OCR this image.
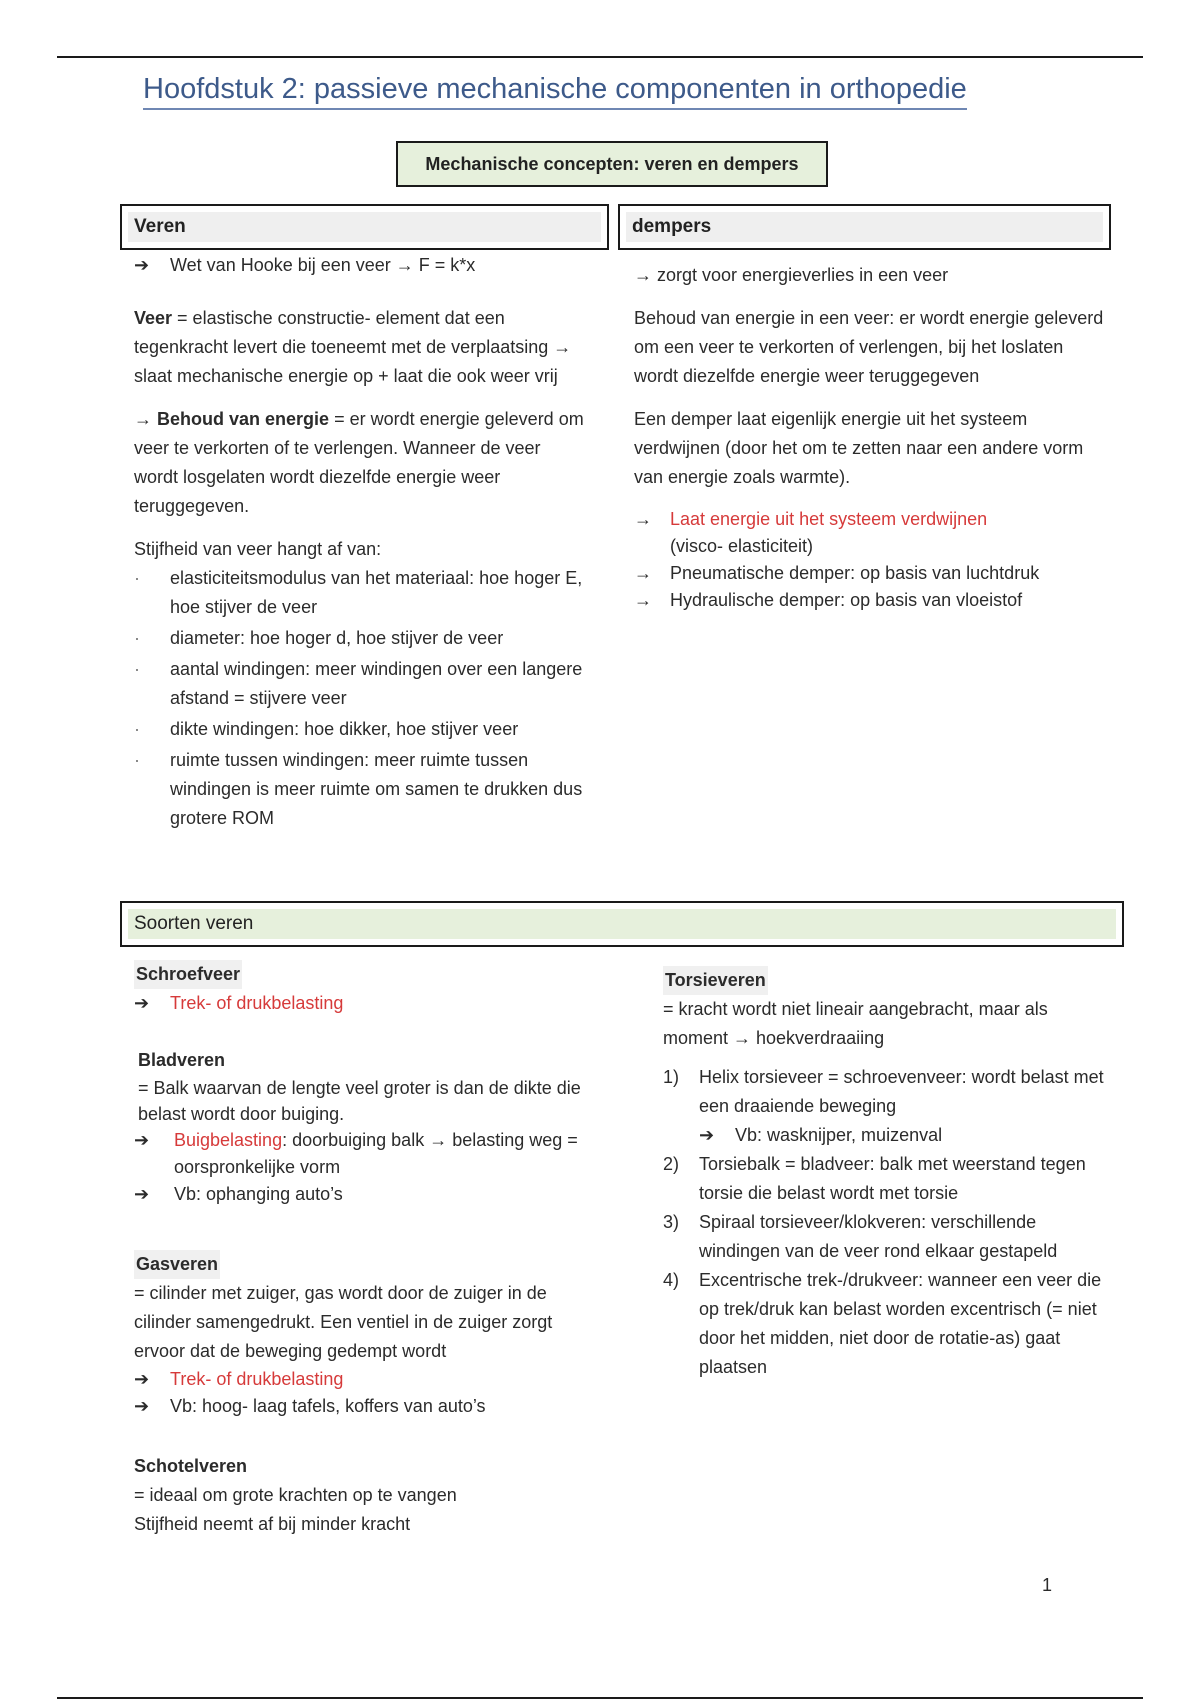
Hoofdstuk 2: passieve mechanische componenten in orthopedie
Mechanische concepten: veren en dempers
Veren	dempers

➔ Wet van Hooke bij een veer → F = k*x

Veer = elastische constructie- element dat een tegenkracht levert die toeneemt met de verplaatsing → slaat mechanische energie op + laat die ook weer vrij

→ Behoud van energie = er wordt energie geleverd om veer te verkorten of te verlengen. Wanneer de veer wordt losgelaten wordt diezelfde energie weer teruggegeven.

Stijfheid van veer hangt af van:

· elasticiteitsmodulus van het materiaal: hoe hoger E, hoe stijver de veer
· diameter: hoe hoger d, hoe stijver de veer
· aantal windingen: meer windingen over een langere afstand = stijvere veer
· dikte windingen: hoe dikker, hoe stijver veer
· ruimte tussen windingen: meer ruimte tussen windingen is meer ruimte om samen te drukken dus grotere ROM

→ zorgt voor energieverlies in een veer

Behoud van energie in een veer: er wordt energie geleverd om een veer te verkorten of verlengen, bij het loslaten wordt diezelfde energie weer teruggegeven

Een demper laat eigenlijk energie uit het systeem verdwijnen (door het om te zetten naar een andere vorm van energie zoals warmte).

→ Laat energie uit het systeem verdwijnen
(visco- elasticiteit)
→ Pneumatische demper: op basis van luchtdruk
→ Hydraulische demper: op basis van vloeistof
Soorten veren

Schroefveer

➔ Trek- of drukbelasting

Bladveren

= Balk waarvan de lengte veel groter is dan de dikte die belast wordt door buiging.

➔ Buigbelasting: doorbuiging balk → belasting weg = oorspronkelijke vorm
➔ Vb: ophanging auto’s

Gasveren

= cilinder met zuiger, gas wordt door de zuiger in de cilinder samengedrukt. Een ventiel in de zuiger zorgt ervoor dat de beweging gedempt wordt

➔ Trek- of drukbelasting
➔ Vb: hoog- laag tafels, koffers van auto’s

Schotelveren

= ideaal om grote krachten op te vangen

Stijfheid neemt af bij minder kracht

Torsieveren

= kracht wordt niet lineair aangebracht, maar als moment → hoekverdraaiing

1) Helix torsieveer = schroevenveer: wordt belast met een draaiende beweging
➔ Vb: wasknijper, muizenval
2) Torsiebalk = bladveer: balk met weerstand tegen torsie die belast wordt met torsie
3) Spiraal torsieveer/klokveren: verschillende windingen van de veer rond elkaar gestapeld
4) Excentrische trek-/drukveer: wanneer een veer die op trek/druk kan belast worden excentrisch (= niet door het midden, niet door de rotatie-as) gaat plaatsen
1
